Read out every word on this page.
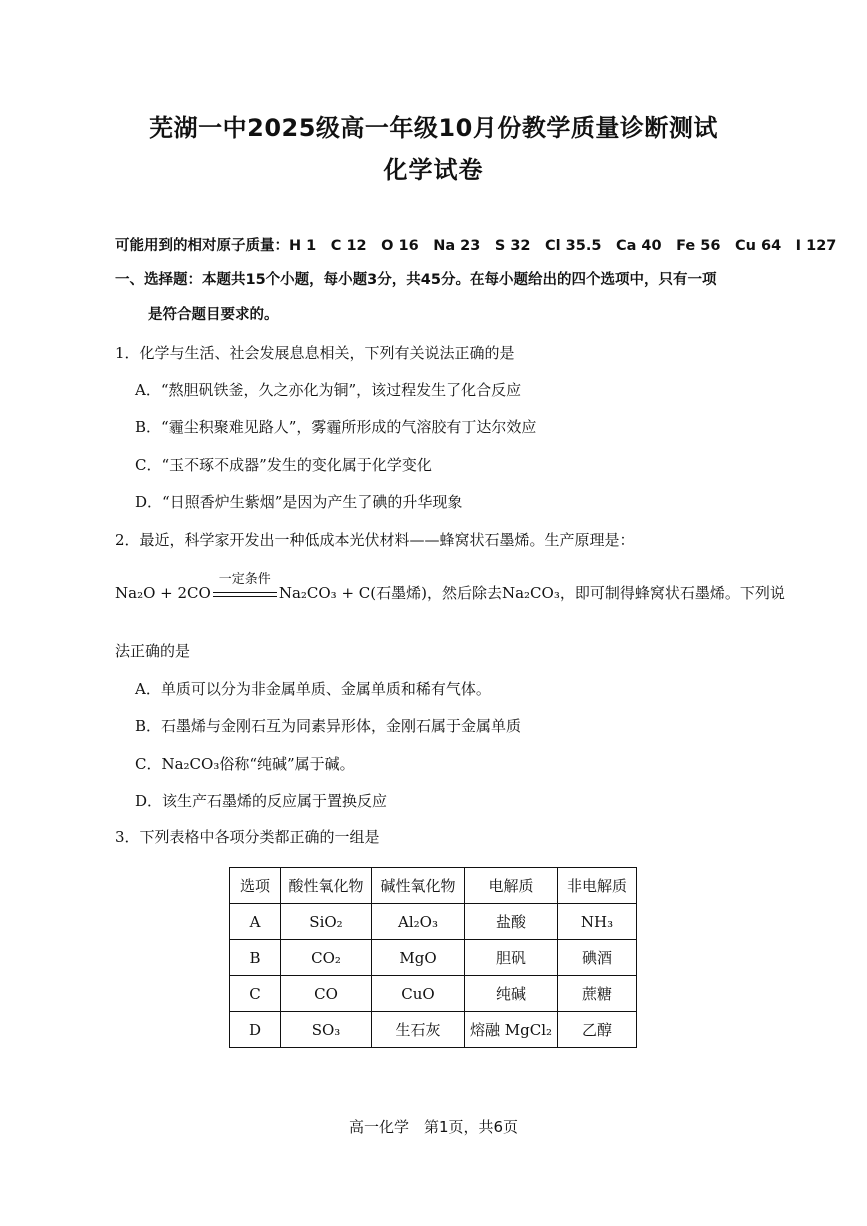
芜湖一中2025级高一年级10月份教学质量诊断测试
化学试卷
可能用到的相对原子质量：H 1　C 12　O 16　Na 23　S 32　Cl 35.5　Ca 40　Fe 56　Cu 64　I 127
一、选择题：本题共15个小题，每小题3分，共45分。在每小题给出的四个选项中，只有一项
是符合题目要求的。
1．化学与生活、社会发展息息相关，下列有关说法正确的是
A．“熬胆矾铁釜，久之亦化为铜”，该过程发生了化合反应
B．“霾尘积聚难见路人”，雾霾所形成的气溶胶有丁达尔效应
C．“玉不琢不成器”发生的变化属于化学变化
D．“日照香炉生紫烟”是因为产生了碘的升华现象
2．最近，科学家开发出一种低成本光伏材料——蜂窝状石墨烯。生产原理是：
Na₂O + 2CO
一定条件
Na₂CO₃ + C(石墨烯)，然后除去Na₂CO₃，即可制得蜂窝状石墨烯。下列说
法正确的是
A．单质可以分为非金属单质、金属单质和稀有气体。
B．石墨烯与金刚石互为同素异形体，金刚石属于金属单质
C．Na₂CO₃俗称“纯碱”属于碱。
D．该生产石墨烯的反应属于置换反应
3．下列表格中各项分类都正确的一组是
选项	酸性氧化物	碱性氧化物	电解质	非电解质
A	SiO₂	Al₂O₃	盐酸	NH₃
B	CO₂	MgO	胆矾	碘酒
C	CO	CuO	纯碱	蔗糖
D	SO₃	生石灰	熔融 MgCl₂	乙醇
高一化学　第1页，共6页
